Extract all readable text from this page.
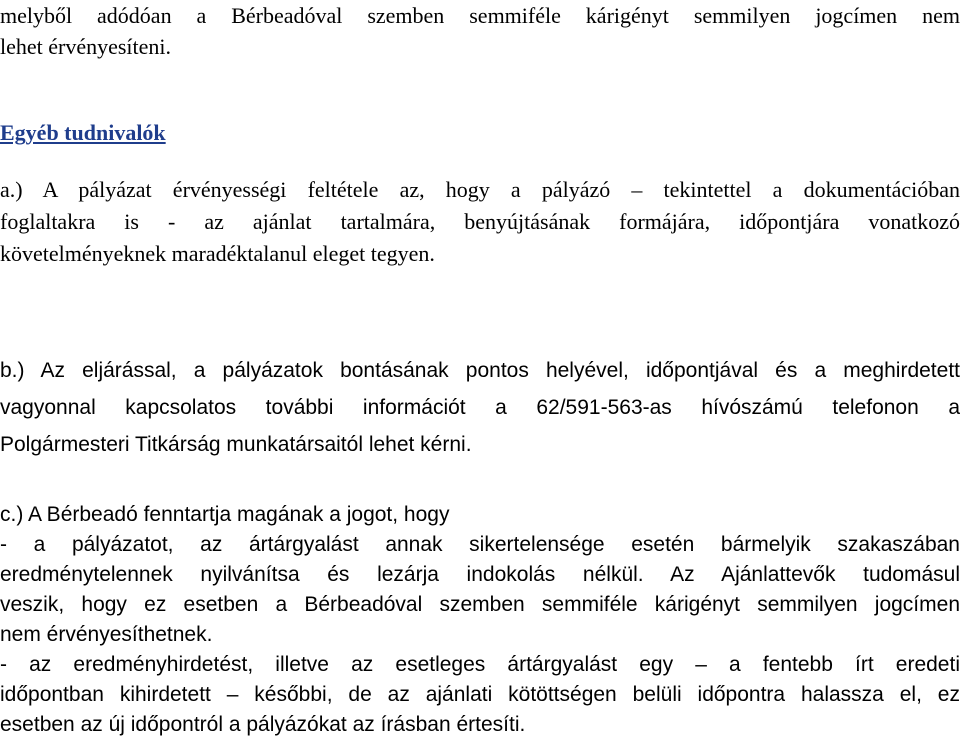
melyből adódóan a Bérbeadóval szemben semmiféle kárigényt semmilyen jogcímen nem
lehet érvényesíteni.
Egyéb tudnivalók
a.) A pályázat érvényességi feltétele az, hogy a pályázó – tekintettel a dokumentációban
foglaltakra is - az ajánlat tartalmára, benyújtásának formájára, időpontjára vonatkozó
követelményeknek maradéktalanul eleget tegyen.
b.) Az eljárással, a pályázatok bontásának pontos helyével, időpontjával és a meghirdetett
vagyonnal kapcsolatos további információt a 62/591-563-as hívószámú telefonon a
Polgármesteri Titkárság munkatársaitól lehet kérni.
c.) A Bérbeadó fenntartja magának a jogot, hogy
- a pályázatot, az ártárgyalást annak sikertelensége esetén bármelyik szakaszában
eredménytelennek nyilvánítsa és lezárja indokolás nélkül. Az Ajánlattevők tudomásul
veszik, hogy ez esetben a Bérbeadóval szemben semmiféle kárigényt semmilyen jogcímen
nem érvényesíthetnek.
- az eredményhirdetést, illetve az esetleges ártárgyalást egy – a fentebb írt eredeti
időpontban kihirdetett – későbbi, de az ajánlati kötöttségen belüli időpontra halassza el, ez
esetben az új időpontról a pályázókat az írásban értesíti.
